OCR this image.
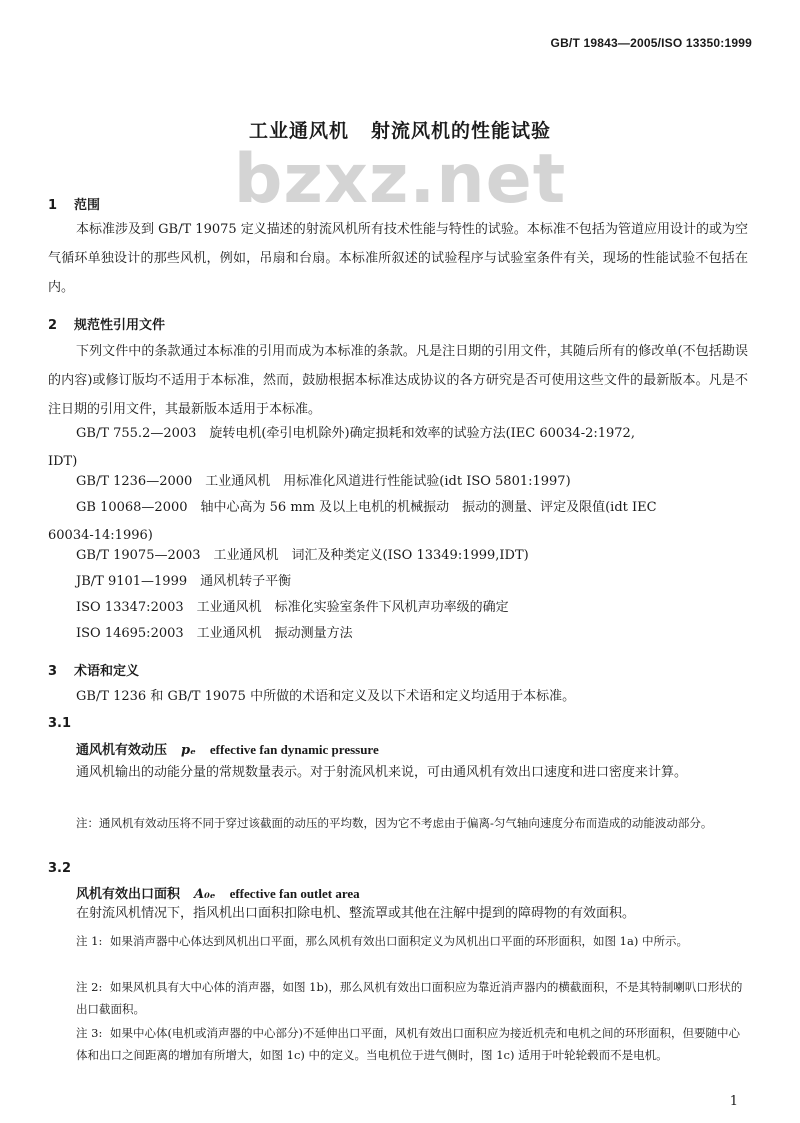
GB/T 19843—2005/ISO 13350:1999
工业通风机 射流风机的性能试验
bzxz.net
1 范围
本标准涉及到 GB/T 19075 定义描述的射流风机所有技术性能与特性的试验。本标准不包括为管道应用设计的或为空气循环单独设计的那些风机，例如，吊扇和台扇。本标准所叙述的试验程序与试验室条件有关，现场的性能试验不包括在内。
2 规范性引用文件
下列文件中的条款通过本标准的引用而成为本标准的条款。凡是注日期的引用文件，其随后所有的修改单(不包括勘误的内容)或修订版均不适用于本标准，然而，鼓励根据本标准达成协议的各方研究是否可使用这些文件的最新版本。凡是不注日期的引用文件，其最新版本适用于本标准。
GB/T 755.2—2003　旋转电机(牵引电机除外)确定损耗和效率的试验方法(IEC 60034-2:1972,
IDT)
GB/T 1236—2000　工业通风机　用标准化风道进行性能试验(idt ISO 5801:1997)
GB 10068—2000　轴中心高为 56 mm 及以上电机的机械振动　振动的测量、评定及限值(idt IEC
60034-14:1996)
GB/T 19075—2003　工业通风机　词汇及种类定义(ISO 13349:1999,IDT)
JB/T 9101—1999　通风机转子平衡
ISO 13347:2003　工业通风机　标准化实验室条件下风机声功率级的确定
ISO 14695:2003　工业通风机　振动测量方法
3 术语和定义
GB/T 1236 和 GB/T 19075 中所做的术语和定义及以下术语和定义均适用于本标准。
3.1
通风机有效动压 pₑ effective fan dynamic pressure
通风机输出的动能分量的常规数量表示。对于射流风机来说，可由通风机有效出口速度和进口密度来计算。
注：通风机有效动压将不同于穿过该截面的动压的平均数，因为它不考虑由于偏离-匀气轴向速度分布而造成的动能波动部分。
3.2
风机有效出口面积 A₀ₑ effective fan outlet area
在射流风机情况下，指风机出口面积扣除电机、整流罩或其他在注解中提到的障碍物的有效面积。
注 1: 如果消声器中心体达到风机出口平面，那么风机有效出口面积定义为风机出口平面的环形面积，如图 1a) 中所示。
注 2: 如果风机具有大中心体的消声器，如图 1b)，那么风机有效出口面积应为靠近消声器内的横截面积，不是其特制喇叭口形状的出口截面积。
注 3: 如果中心体(电机或消声器的中心部分)不延伸出口平面，风机有效出口面积应为接近机壳和电机之间的环形面积，但要随中心体和出口之间距离的增加有所增大，如图 1c) 中的定义。当电机位于进气侧时，图 1c) 适用于叶轮轮毂而不是电机。
1
